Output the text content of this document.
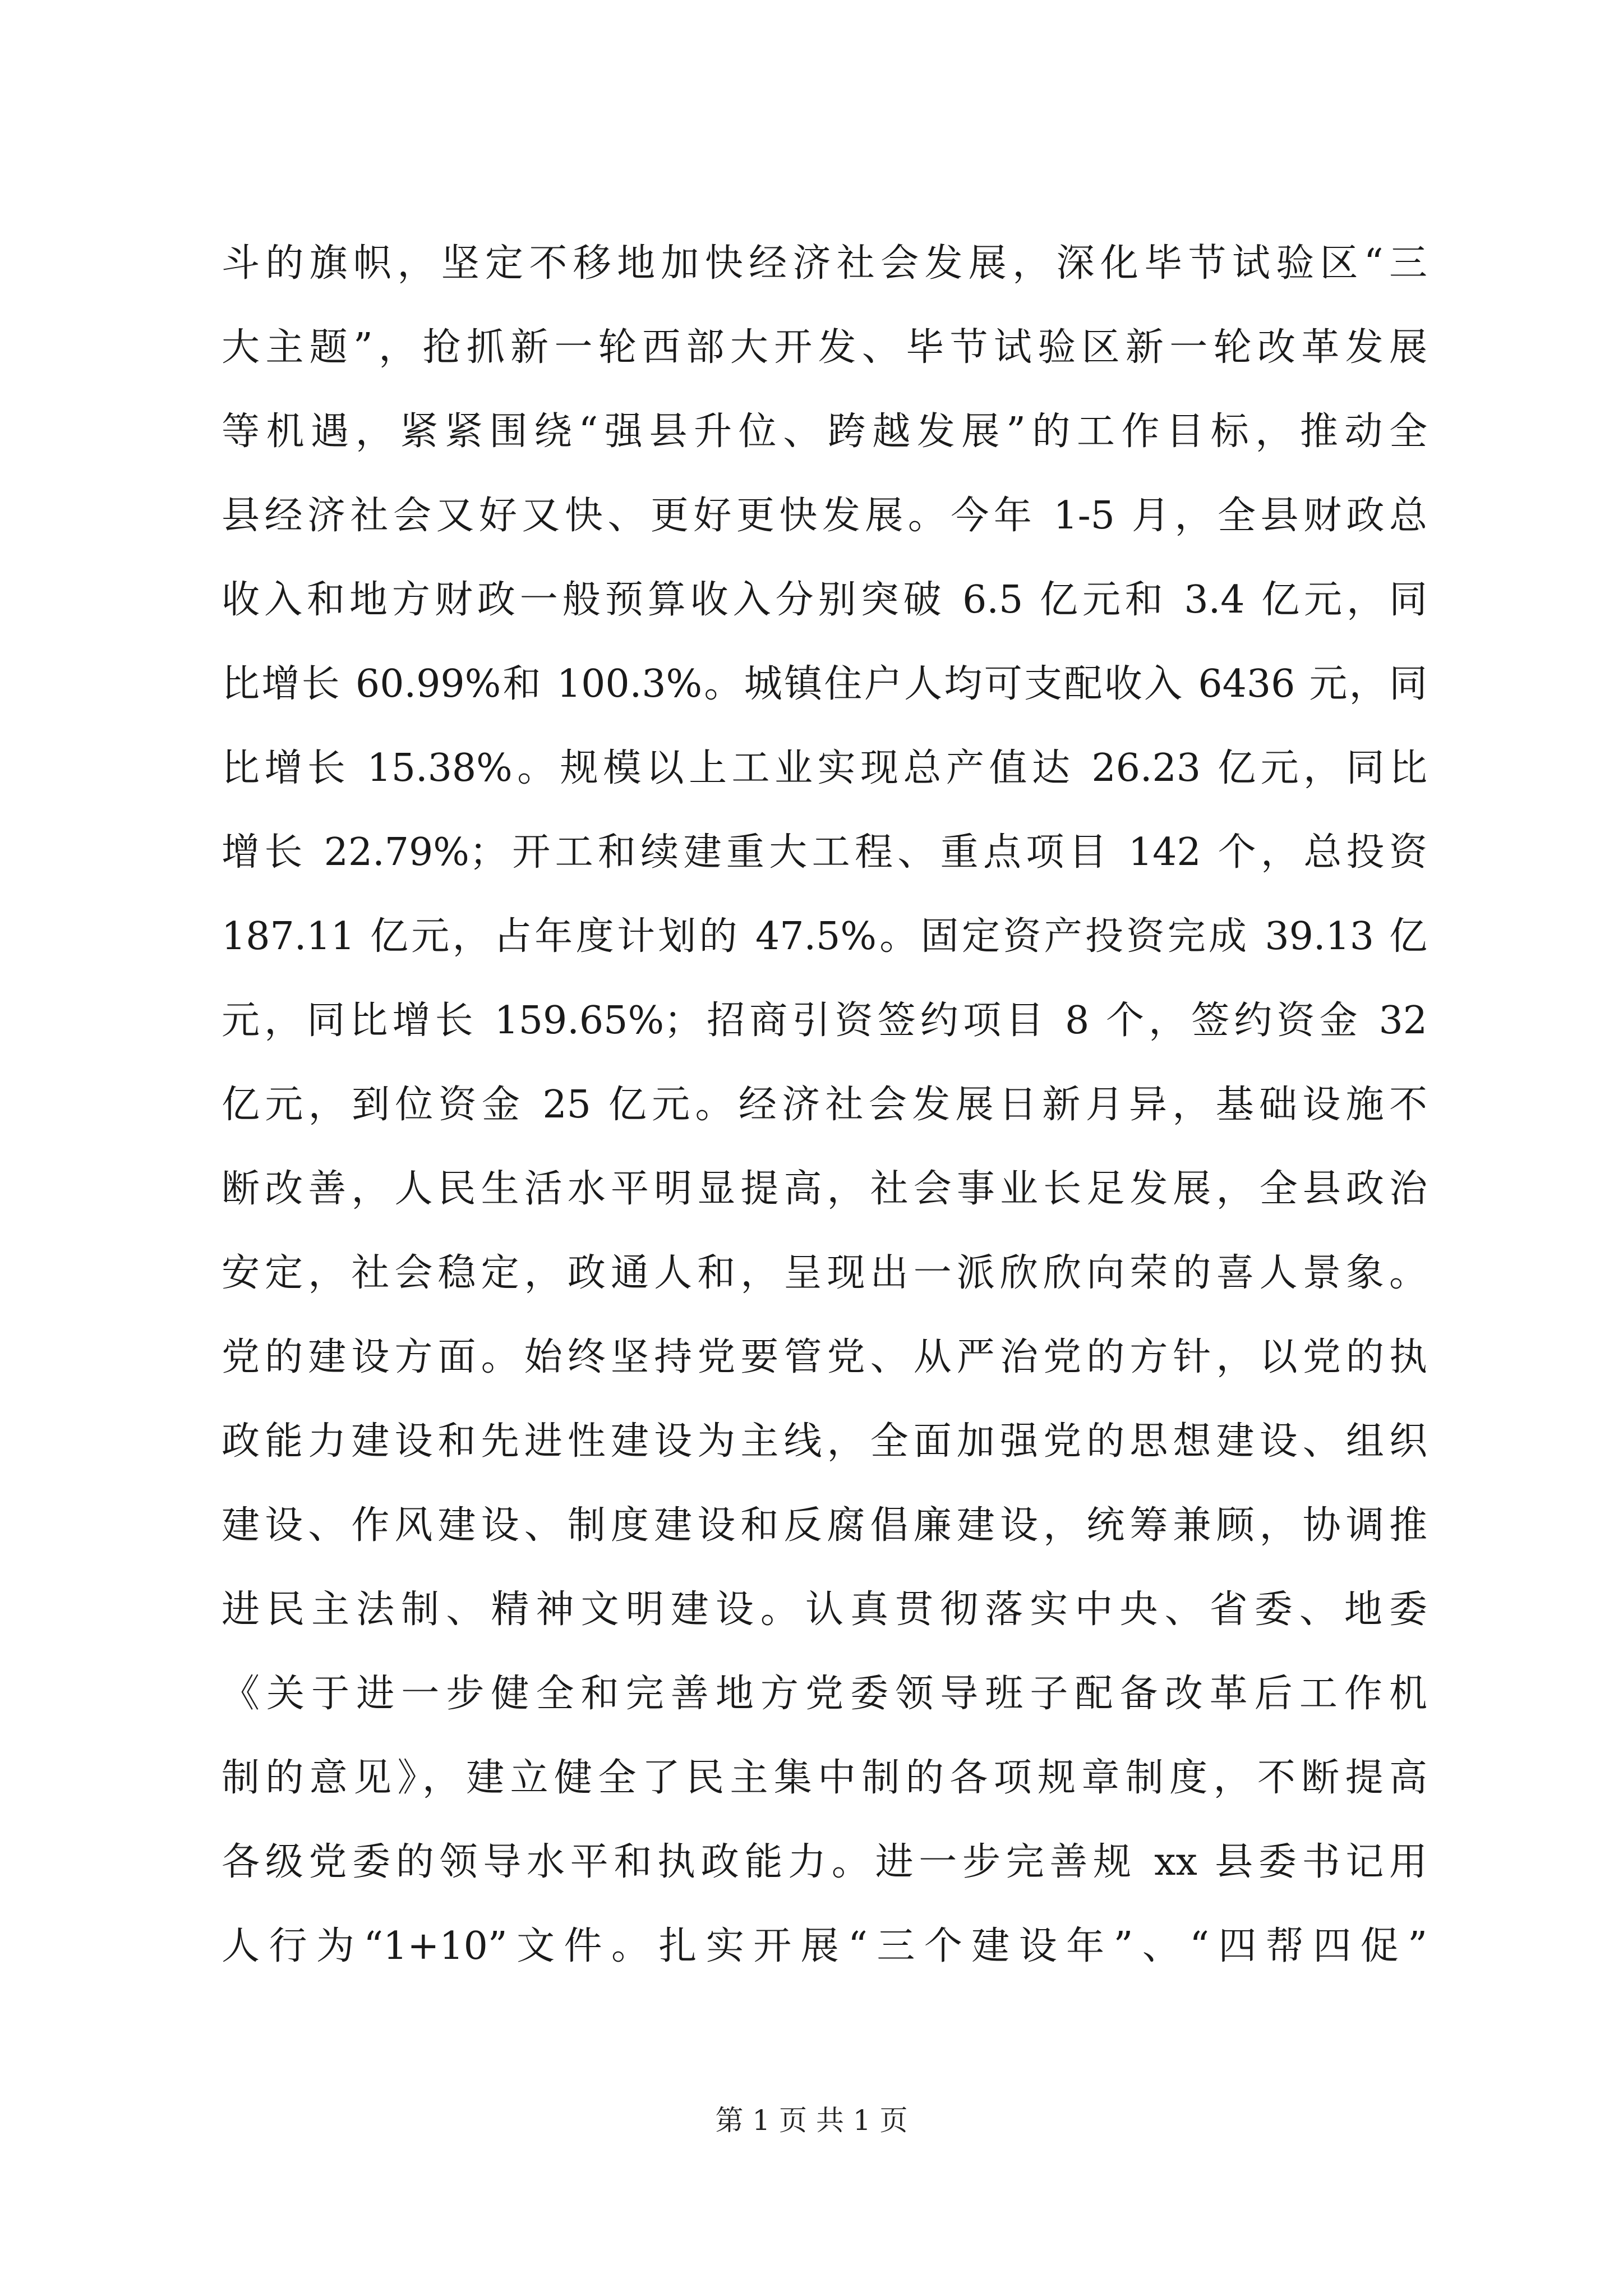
斗的旗帜，坚定不移地加快经济社会发展，深化毕节试验区“三
大主题”，抢抓新一轮西部大开发、毕节试验区新一轮改革发展
等机遇，紧紧围绕“强县升位、跨越发展”的工作目标，推动全
县经济社会又好又快、更好更快发展。今年 1-5 月，全县财政总
收入和地方财政一般预算收入分别突破 6.5 亿元和 3.4 亿元，同
比增长 60.99%和 100.3%。城镇住户人均可支配收入 6436 元，同
比增长 15.38%。规模以上工业实现总产值达 26.23 亿元，同比
增长 22.79%；开工和续建重大工程、重点项目 142 个，总投资
187.11 亿元，占年度计划的 47.5%。固定资产投资完成 39.13 亿
元，同比增长 159.65%；招商引资签约项目 8 个，签约资金 32
亿元，到位资金 25 亿元。经济社会发展日新月异，基础设施不
断改善，人民生活水平明显提高，社会事业长足发展，全县政治
安定，社会稳定，政通人和，呈现出一派欣欣向荣的喜人景象。
党的建设方面。始终坚持党要管党、从严治党的方针，以党的执
政能力建设和先进性建设为主线，全面加强党的思想建设、组织
建设、作风建设、制度建设和反腐倡廉建设，统筹兼顾，协调推
进民主法制、精神文明建设。认真贯彻落实中央、省委、地委
《关于进一步健全和完善地方党委领导班子配备改革后工作机
制的意见》，建立健全了民主集中制的各项规章制度，不断提高
各级党委的领导水平和执政能力。进一步完善规 xx 县委书记用
人行为“1+10”文件。扎实开展“三个建设年”、“四帮四促”
第 1 页 共 1 页
